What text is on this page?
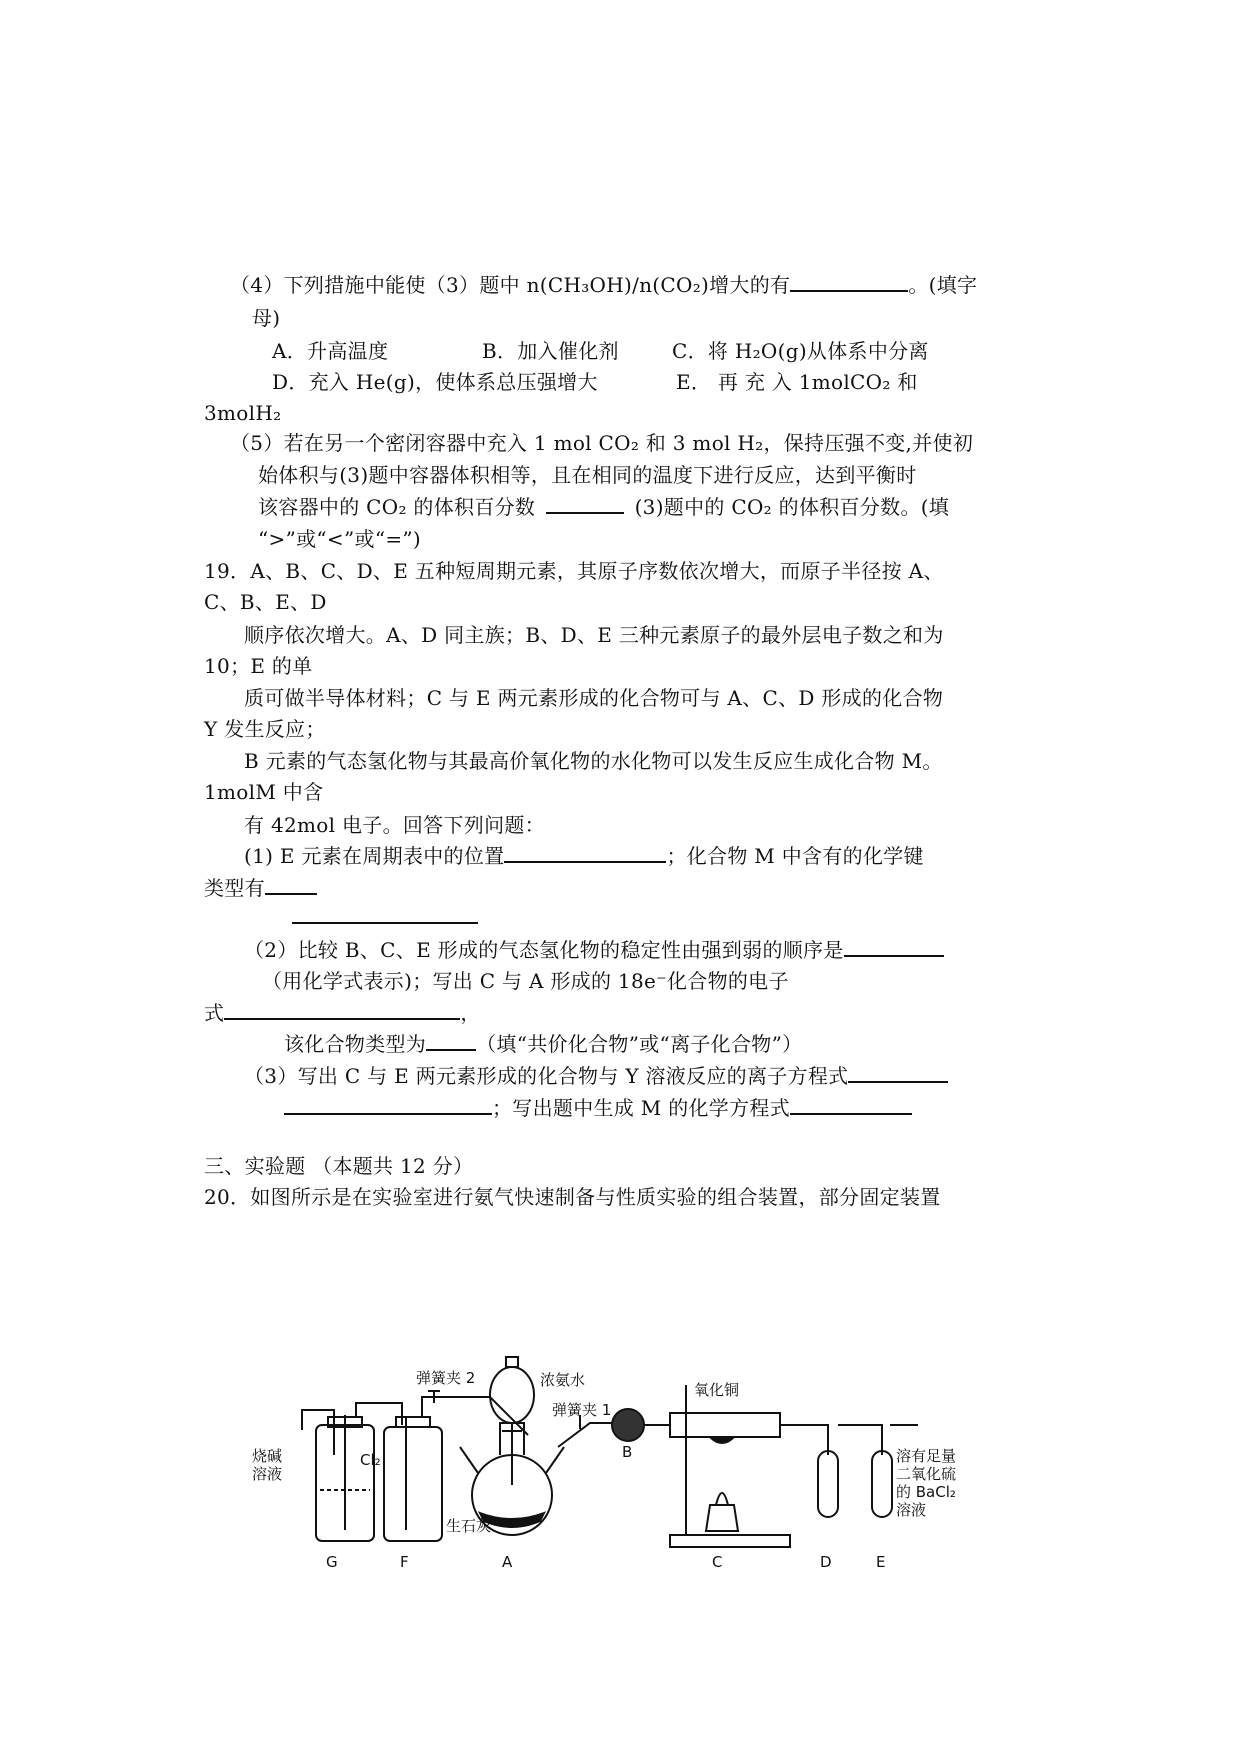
（4）下列措施中能使（3）题中 n(CH₃OH)/n(CO₂)增大的有	。(填字
母)
A．升高温度	B．加入催化剂	C．将 H₂O(g)从体系中分离
D．充入 He(g)，使体系总压强增大	E． 再 充 入 1molCO₂ 和
3molH₂
（5）若在另一个密闭容器中充入 1 mol CO₂ 和 3 mol H₂，保持压强不变,并使初
始体积与(3)题中容器体积相等，且在相同的温度下进行反应，达到平衡时
该容器中的 CO₂ 的体积百分数	(3)题中的 CO₂ 的体积百分数。(填
“>”或“<”或“=”)
19．A、B、C、D、E 五种短周期元素，其原子序数依次增大，而原子半径按 A、
C、B、E、D
顺序依次增大。A、D 同主族；B、D、E 三种元素原子的最外层电子数之和为
10；E 的单
质可做半导体材料；C 与 E 两元素形成的化合物可与 A、C、D 形成的化合物
Y 发生反应；
B 元素的气态氢化物与其最高价氧化物的水化物可以发生反应生成化合物 M。
1molM 中含
有 42mol 电子。回答下列问题：
(1) E 元素在周期表中的位置	；化合物 M 中含有的化学键
类型有
（2）比较 B、C、E 形成的气态氢化物的稳定性由强到弱的顺序是
（用化学式表示)；写出 C 与 A 形成的 18e⁻化合物的电子
式	，
该化合物类型为	（填“共价化合物”或“离子化合物”）
（3）写出 C 与 E 两元素形成的化合物与 Y 溶液反应的离子方程式
；写出题中生成 M 的化学方程式
三、实验题 （本题共 12 分）
20．如图所示是在实验室进行氨气快速制备与性质实验的组合装置，部分固定装置
烧碱
溶液
Cl₂
弹簧夹 2	浓氨水
弹簧夹 1
氧化铜
生石灰
溶有足量
二氧化硫
的 BaCl₂
溶液
G	F	A
B
C	D	E
